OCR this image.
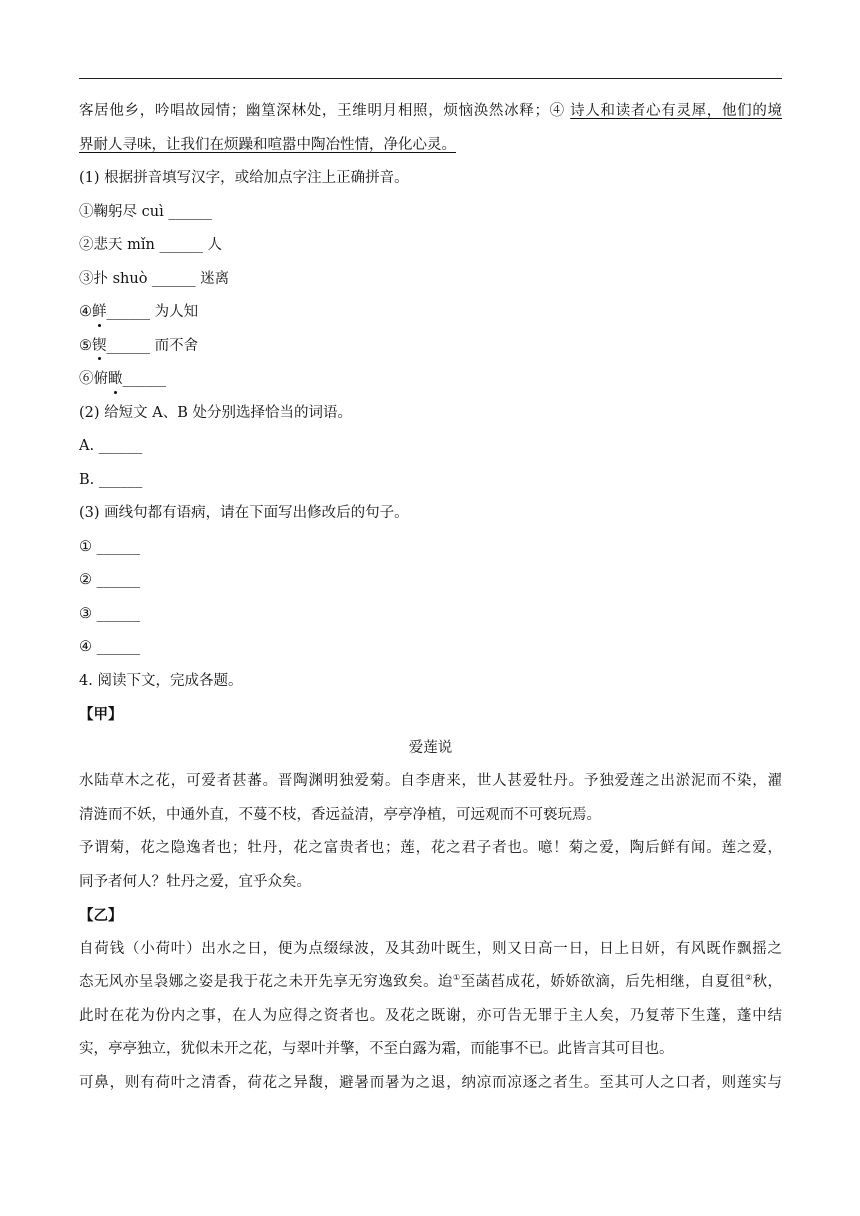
客居他乡，吟唱故园情；幽篁深林处，王维明月相照，烦恼涣然冰释；④ 诗人和读者心有灵犀，他们的境
界耐人寻味，让我们在烦躁和喧嚣中陶冶性情，净化心灵。
(1) 根据拼音填写汉字，或给加点字注上正确拼音。
①鞠躬尽 cuì ______
②悲天 mǐn ______ 人
③扑 shuò ______ 迷离
④鲜______ 为人知
⑤锲______ 而不舍
⑥俯瞰______
(2) 给短文 A、B 处分别选择恰当的词语。
A. ______
B. ______
(3) 画线句都有语病，请在下面写出修改后的句子。
① ______
② ______
③ ______
④ ______
4. 阅读下文，完成各题。
【甲】
爱莲说
水陆草木之花，可爱者甚蕃。晋陶渊明独爱菊。自李唐来，世人甚爱牡丹。予独爱莲之出淤泥而不染，濯
清涟而不妖，中通外直，不蔓不枝，香远益清，亭亭净植，可远观而不可亵玩焉。
予谓菊，花之隐逸者也；牡丹，花之富贵者也；莲，花之君子者也。噫！菊之爱，陶后鲜有闻。莲之爱，
同予者何人？牡丹之爱，宜乎众矣。
【乙】
自荷钱（小荷叶）出水之日，便为点缀绿波，及其劲叶既生，则又日高一日，日上日妍，有风既作飘摇之
态无风亦呈袅娜之姿是我于花之未开先享无穷逸致矣。迨①至菡萏成花，娇娇欲滴，后先相继，自夏徂②秋，
此时在花为份内之事，在人为应得之资者也。及花之既谢，亦可告无罪于主人矣，乃复蒂下生蓬，蓬中结
实，亭亭独立，犹似未开之花，与翠叶并擎，不至白露为霜，而能事不已。此皆言其可目也。
可鼻，则有荷叶之清香，荷花之异馥，避暑而暑为之退，纳凉而凉逐之者生。至其可人之口者，则莲实与
